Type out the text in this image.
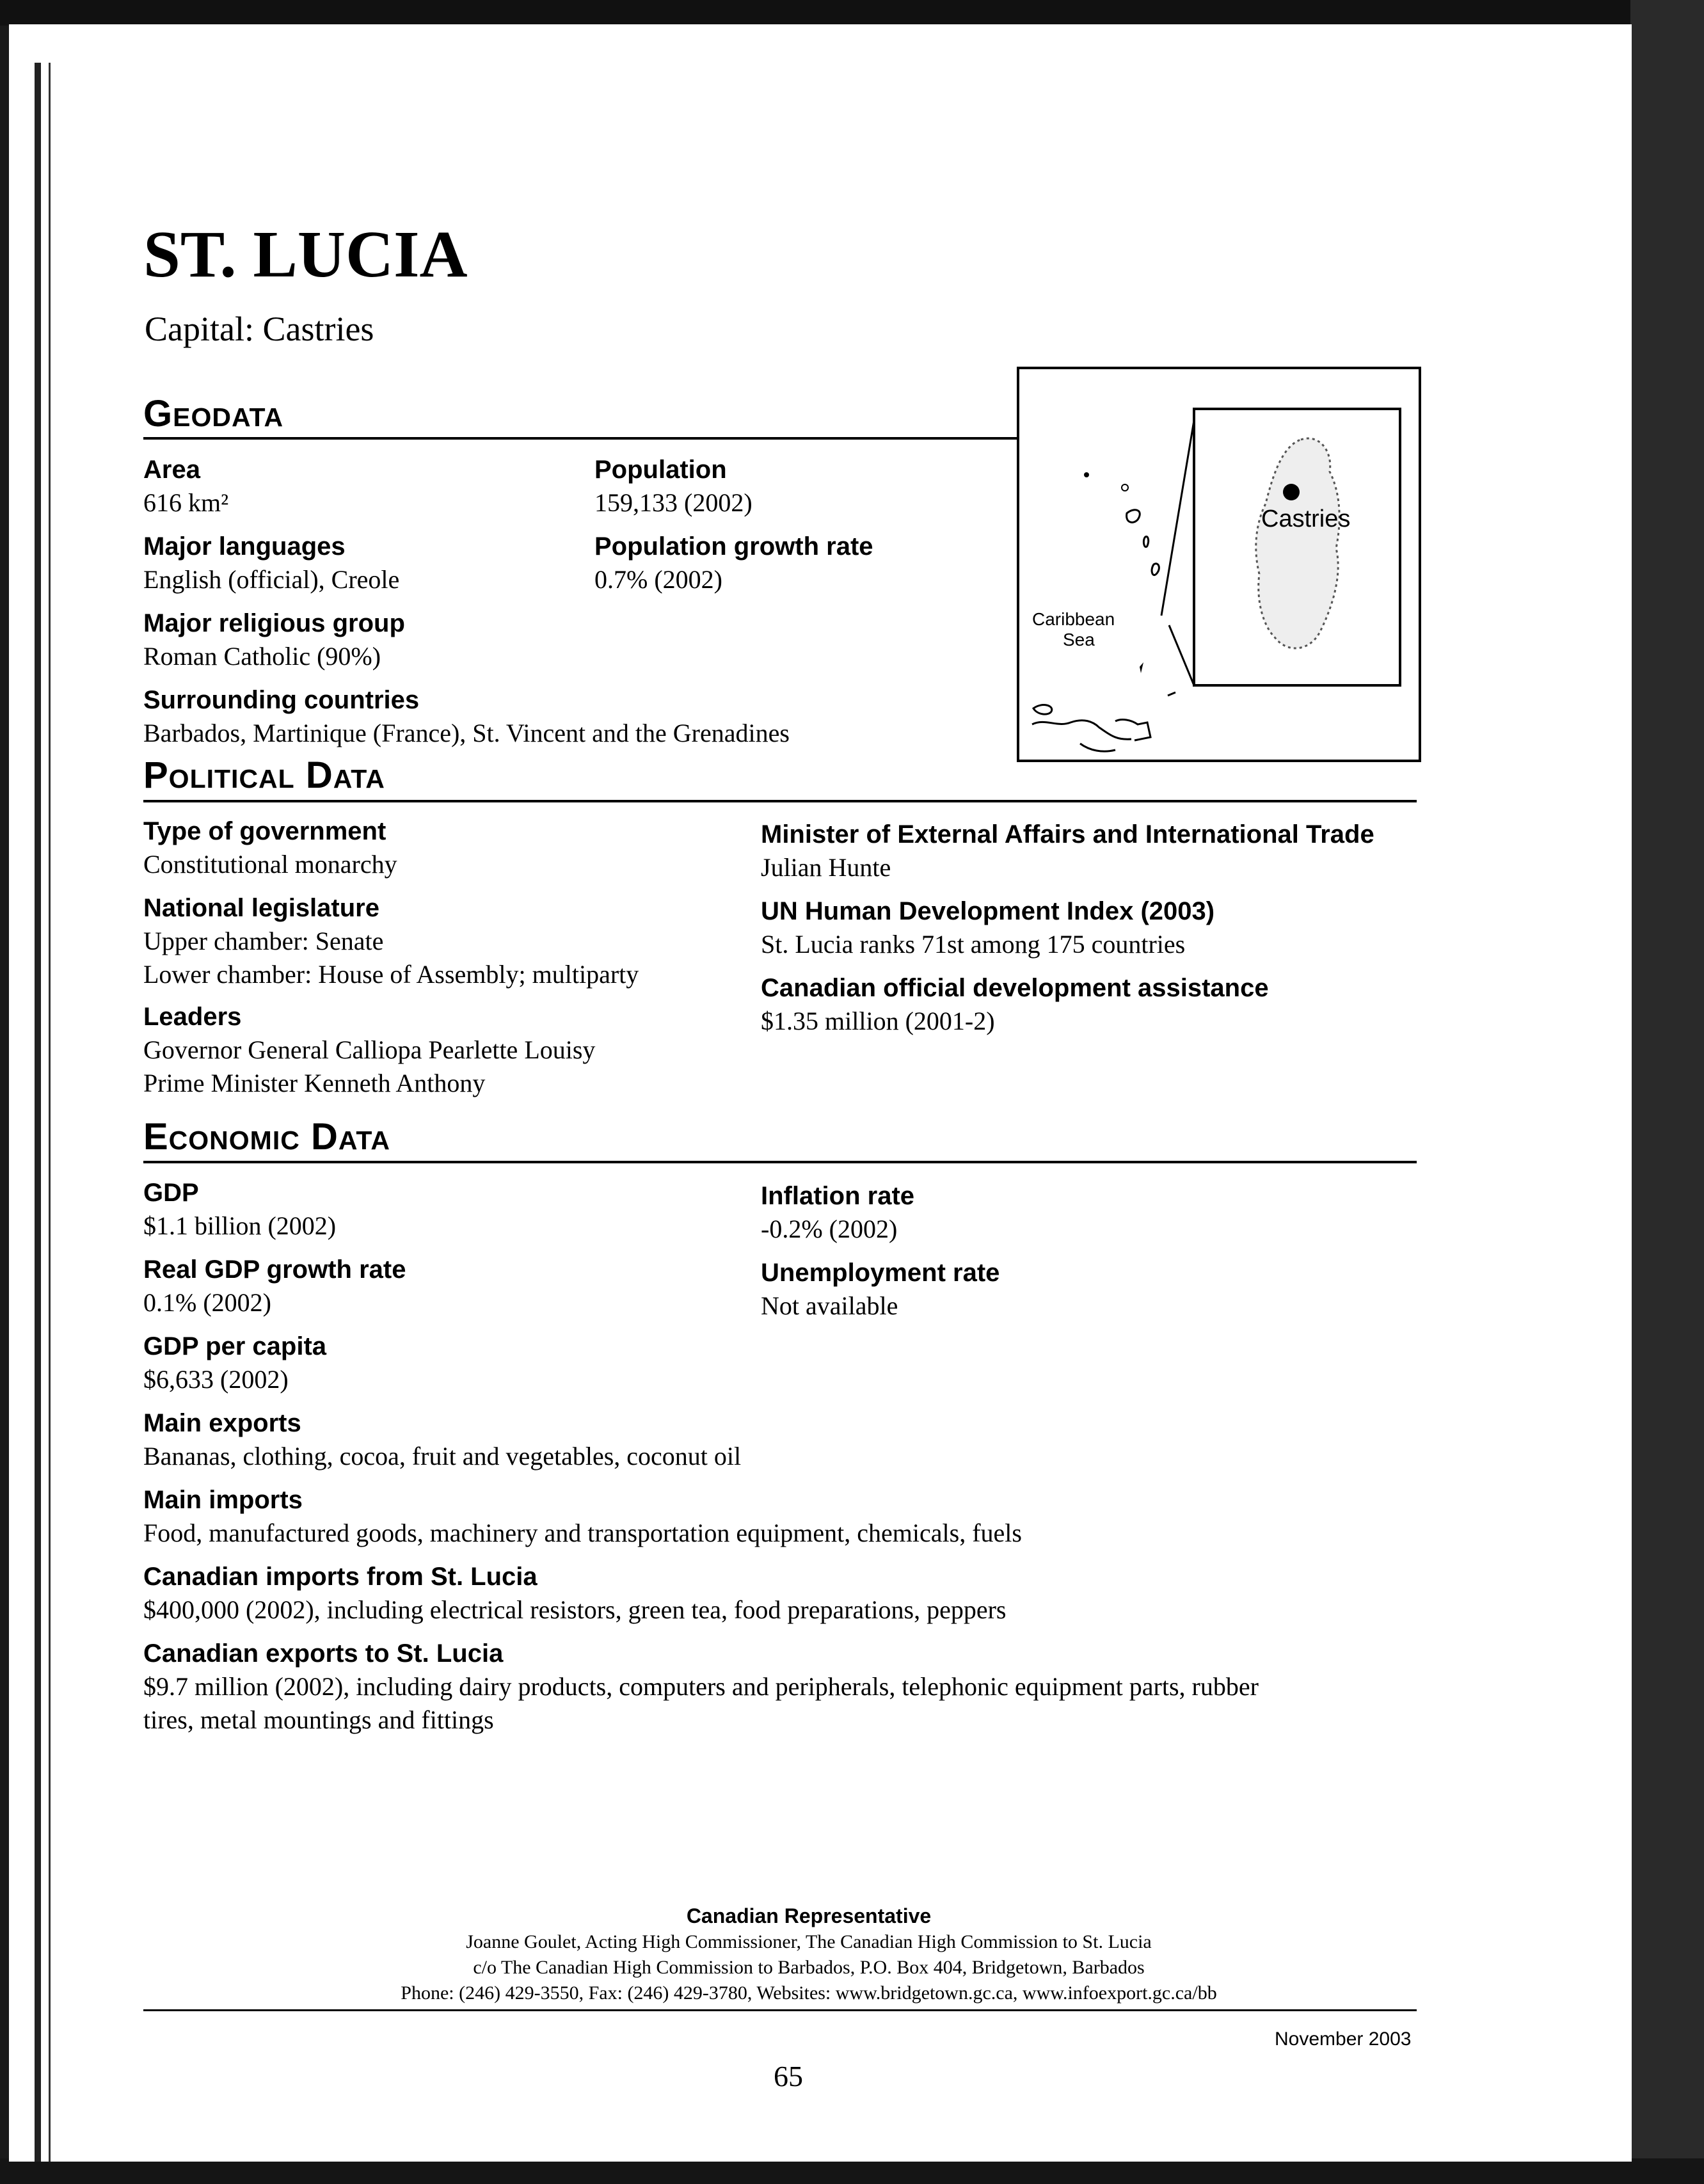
ST. LUCIA
Capital: Castries
Geodata
Area
616 km²
Population
159,133 (2002)
Major languages
English (official), Creole
Population growth rate
0.7% (2002)
Major religious group
Roman Catholic (90%)
Surrounding countries
Barbados, Martinique (France), St. Vincent and the Grenadines
Castries
Caribbean
Sea
Political Data
Type of government
Constitutional monarchy
National legislature
Upper chamber: Senate
Lower chamber: House of Assembly; multiparty
Leaders
Governor General Calliopa Pearlette Louisy
Prime Minister Kenneth Anthony
Minister of External Affairs and International Trade
Julian Hunte
UN Human Development Index (2003)
St. Lucia ranks 71st among 175 countries
Canadian official development assistance
$1.35 million (2001-2)
Economic Data
GDP
$1.1 billion (2002)
Inflation rate
-0.2% (2002)
Real GDP growth rate
0.1% (2002)
Unemployment rate
Not available
GDP per capita
$6,633 (2002)
Main exports
Bananas, clothing, cocoa, fruit and vegetables, coconut oil
Main imports
Food, manufactured goods, machinery and transportation equipment, chemicals, fuels
Canadian imports from St. Lucia
$400,000 (2002), including electrical resistors, green tea, food preparations, peppers
Canadian exports to St. Lucia
$9.7 million (2002), including dairy products, computers and peripherals, telephonic equipment parts, rubber
tires, metal mountings and fittings
Canadian Representative
Joanne Goulet, Acting High Commissioner, The Canadian High Commission to St. Lucia
c/o The Canadian High Commission to Barbados, P.O. Box 404, Bridgetown, Barbados
Phone: (246) 429-3550, Fax: (246) 429-3780, Websites: www.bridgetown.gc.ca, www.infoexport.gc.ca/bb
November 2003
65
